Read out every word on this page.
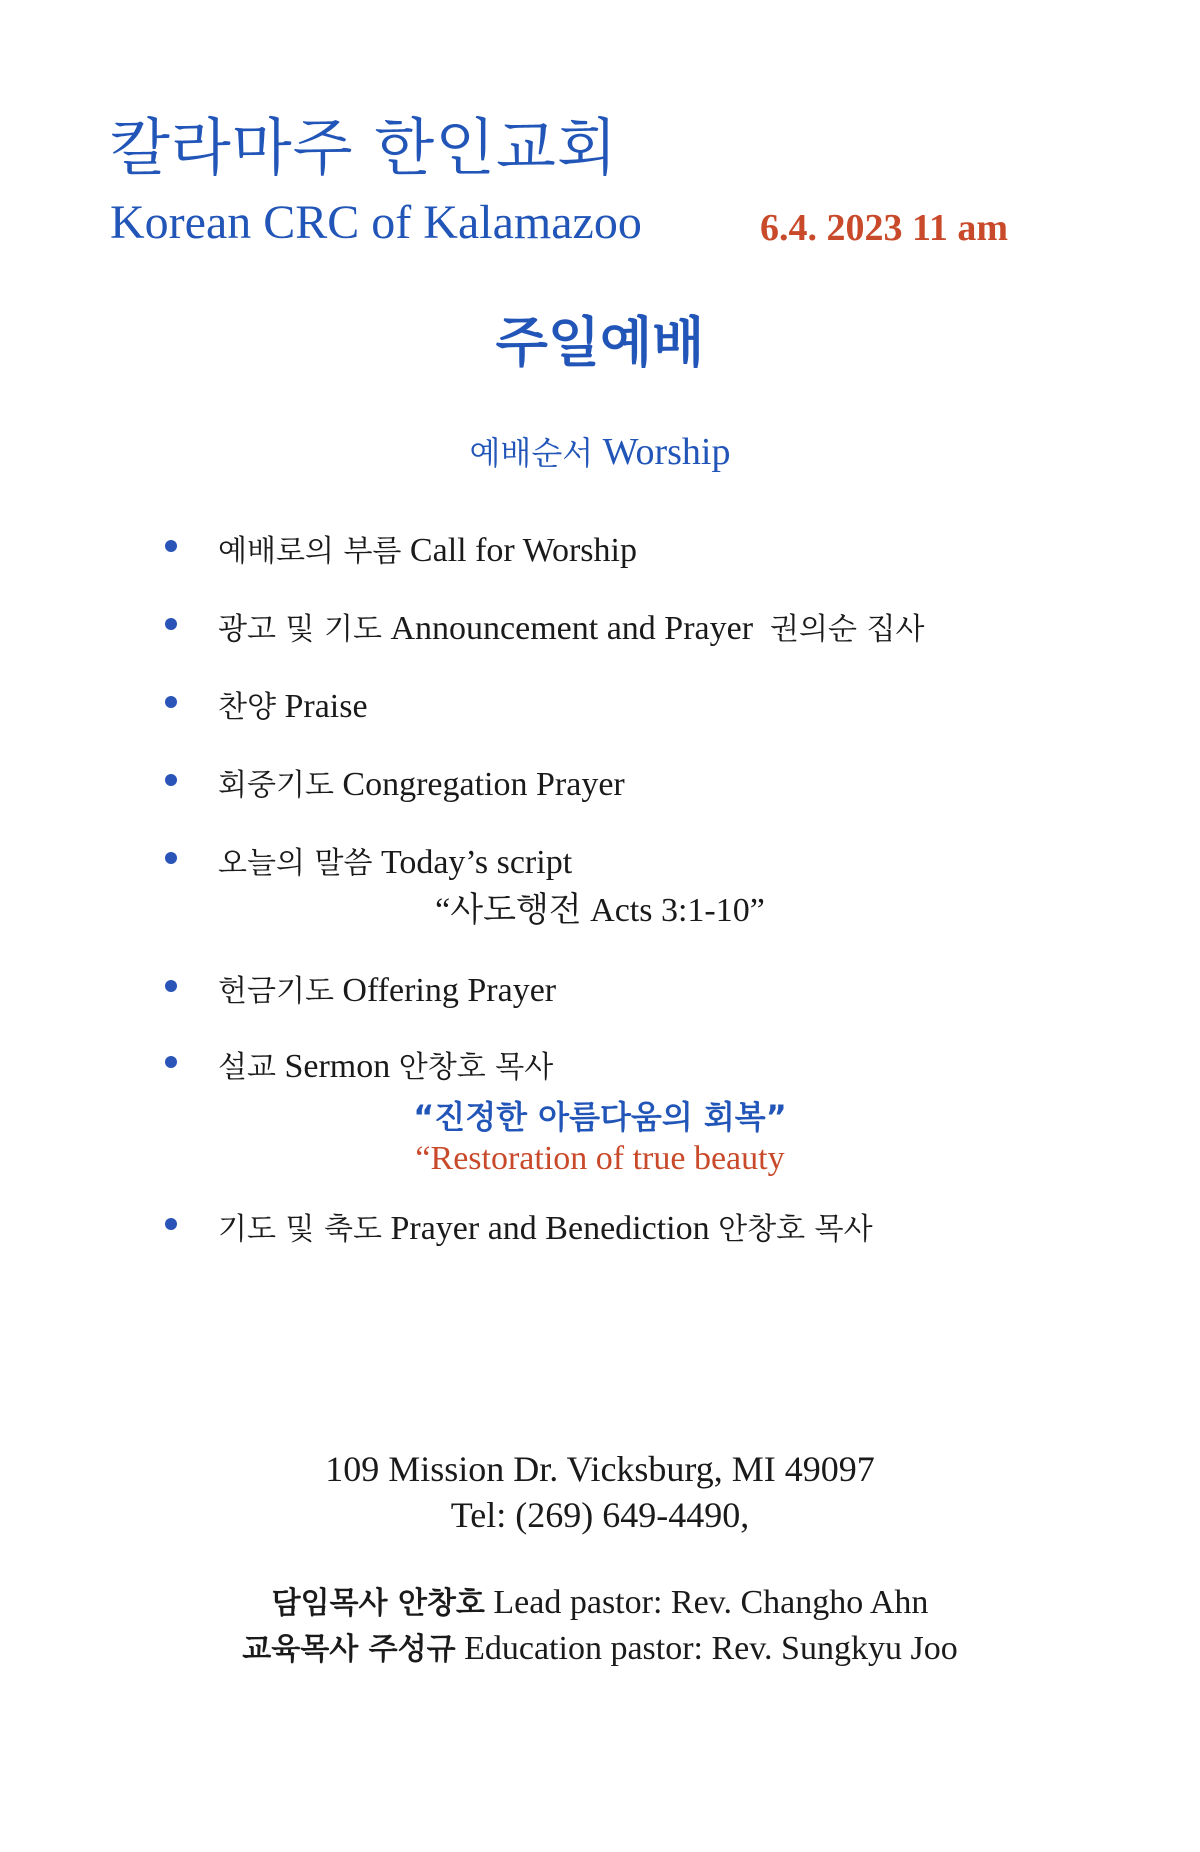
칼라마주 한인교회
Korean CRC of Kalamazoo	6.4. 2023 11 am
주일예배
예배순서 Worship
예배로의 부름 Call for Worship
광고 및 기도 Announcement and Prayer 권의순 집사
찬양 Praise
회중기도 Congregation Prayer
오늘의 말씀 Today’s script
“사도행전 Acts 3:1-10”
헌금기도 Offering Prayer
설교 Sermon 안창호 목사
“진정한 아름다움의 회복”
“Restoration of true beauty
기도 및 축도 Prayer and Benediction 안창호 목사
109 Mission Dr. Vicksburg, MI 49097
Tel: (269) 649-4490,
담임목사 안창호 Lead pastor: Rev. Changho Ahn
교육목사 주성규 Education pastor: Rev. Sungkyu Joo
